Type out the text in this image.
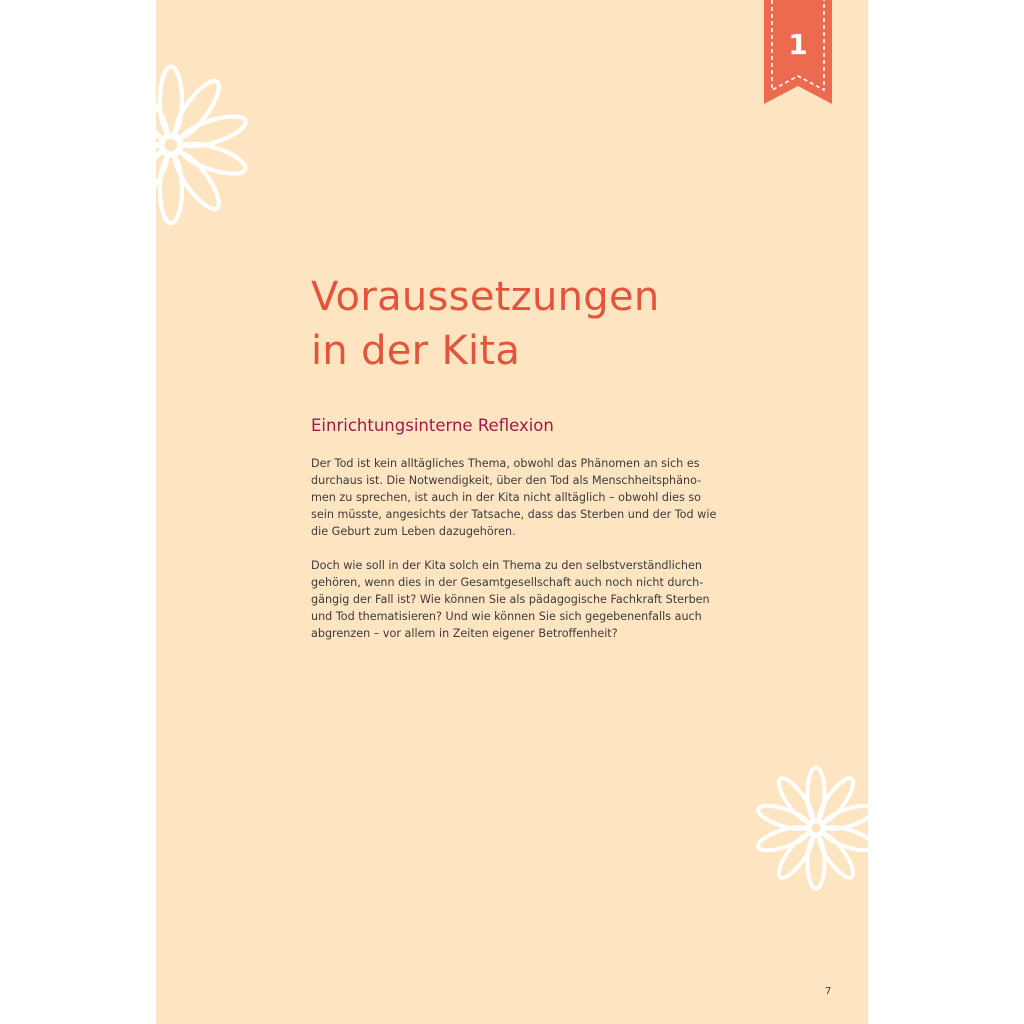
1
Voraussetzungen
in der Kita
Einrichtungsinterne Reflexion
Der Tod ist kein alltägliches Thema, obwohl das Phänomen an sich es
durchaus ist. Die Notwendigkeit, über den Tod als Menschheitsphäno-
men zu sprechen, ist auch in der Kita nicht alltäglich – obwohl dies so
sein müsste, angesichts der Tatsache, dass das Sterben und der Tod wie
die Geburt zum Leben dazugehören.
Doch wie soll in der Kita solch ein Thema zu den selbstverständlichen
gehören, wenn dies in der Gesamtgesellschaft auch noch nicht durch-
gängig der Fall ist? Wie können Sie als pädagogische Fachkraft Sterben
und Tod thematisieren? Und wie können Sie sich gegebenenfalls auch
abgrenzen – vor allem in Zeiten eigener Betroffenheit?
7
